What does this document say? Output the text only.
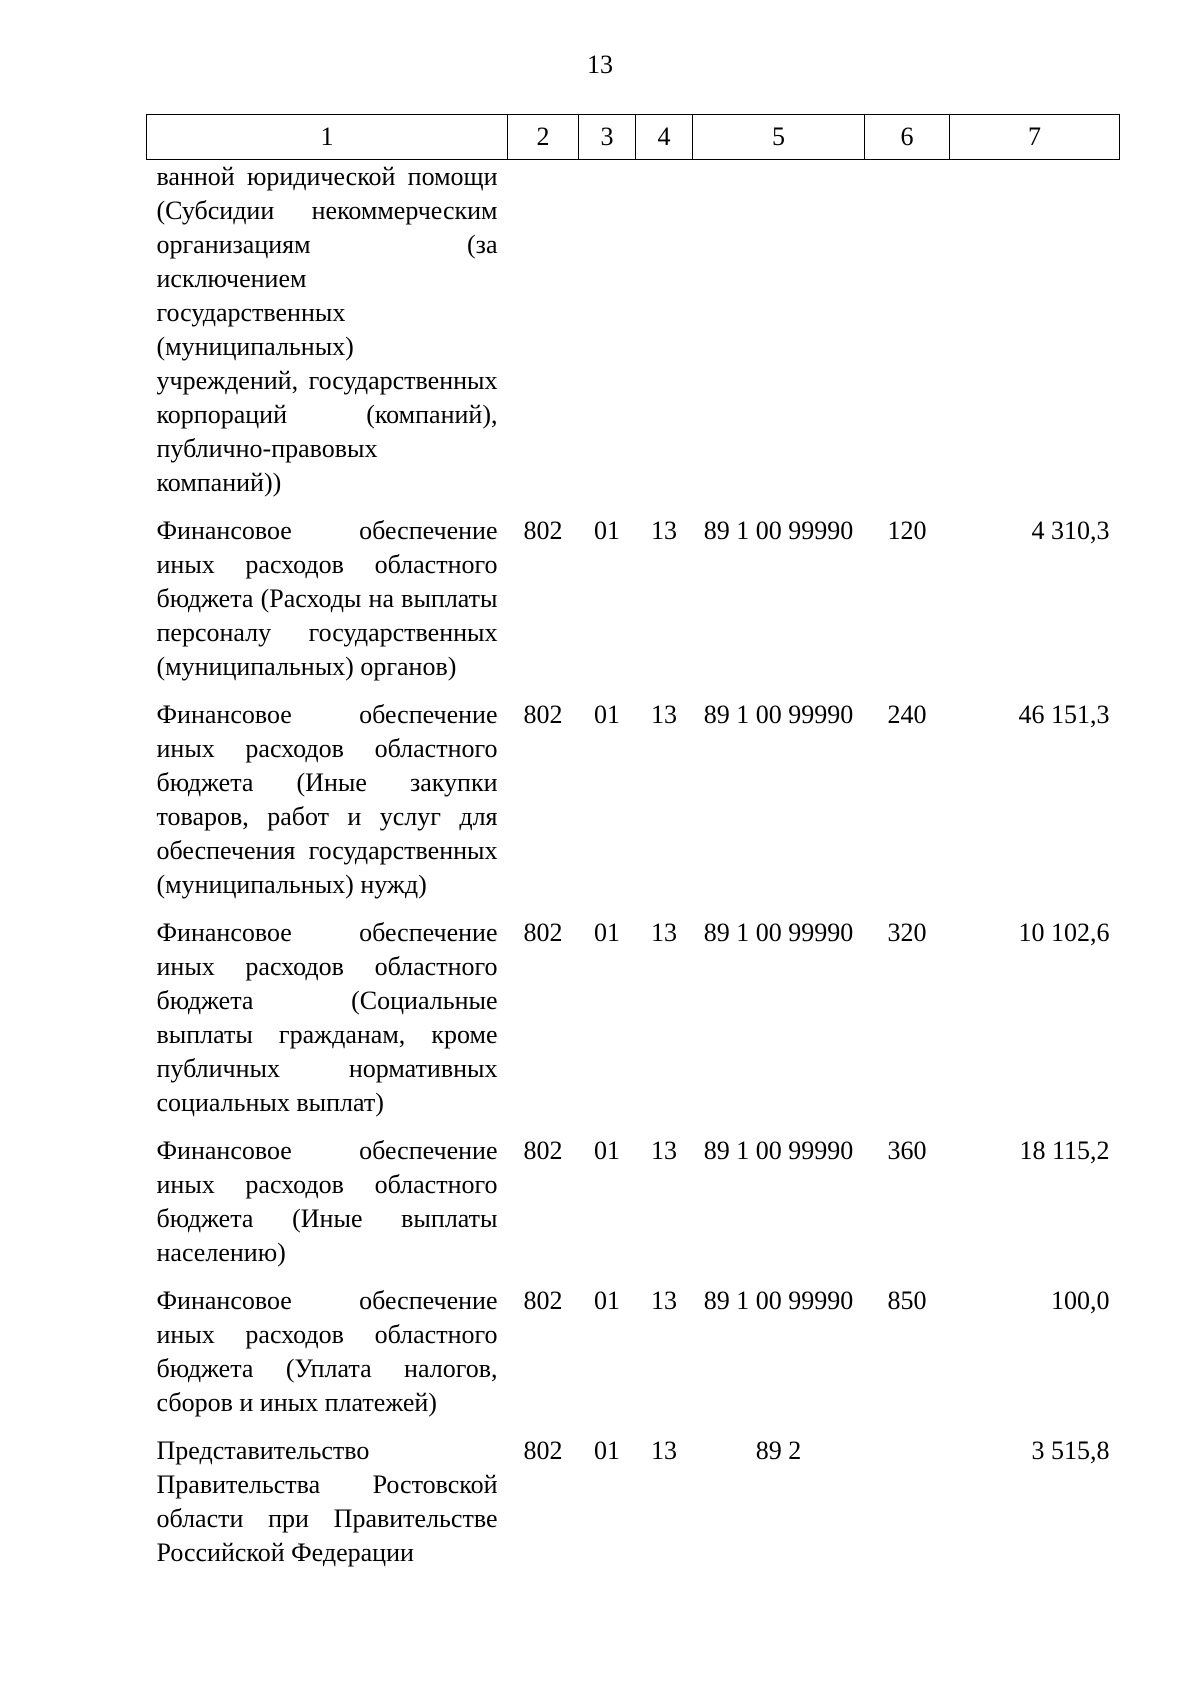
13
1	2	3	4	5	6	7
ванной юридической помощи (Субсидии некоммерческим организациям (за исключением государственных (муниципальных) учреждений, государственных корпораций (компаний), публично-правовых компаний))						
Финансовое обеспечение иных расходов областного бюджета (Расходы на выплаты персоналу государственных (муниципальных) органов)	802	01	13	89 1 00 99990	120	4 310,3
Финансовое обеспечение иных расходов областного бюджета (Иные закупки товаров, работ и услуг для обеспечения государственных (муниципальных) нужд)	802	01	13	89 1 00 99990	240	46 151,3
Финансовое обеспечение иных расходов областного бюджета (Социальные выплаты гражданам, кроме публичных нормативных социальных выплат)	802	01	13	89 1 00 99990	320	10 102,6
Финансовое обеспечение иных расходов областного бюджета (Иные выплаты населению)	802	01	13	89 1 00 99990	360	18 115,2
Финансовое обеспечение иных расходов областного бюджета (Уплата налогов, сборов и иных платежей)	802	01	13	89 1 00 99990	850	100,0
Представительство Правительства Ростовской области при Правительстве Российской Федерации	802	01	13	89 2		3 515,8
